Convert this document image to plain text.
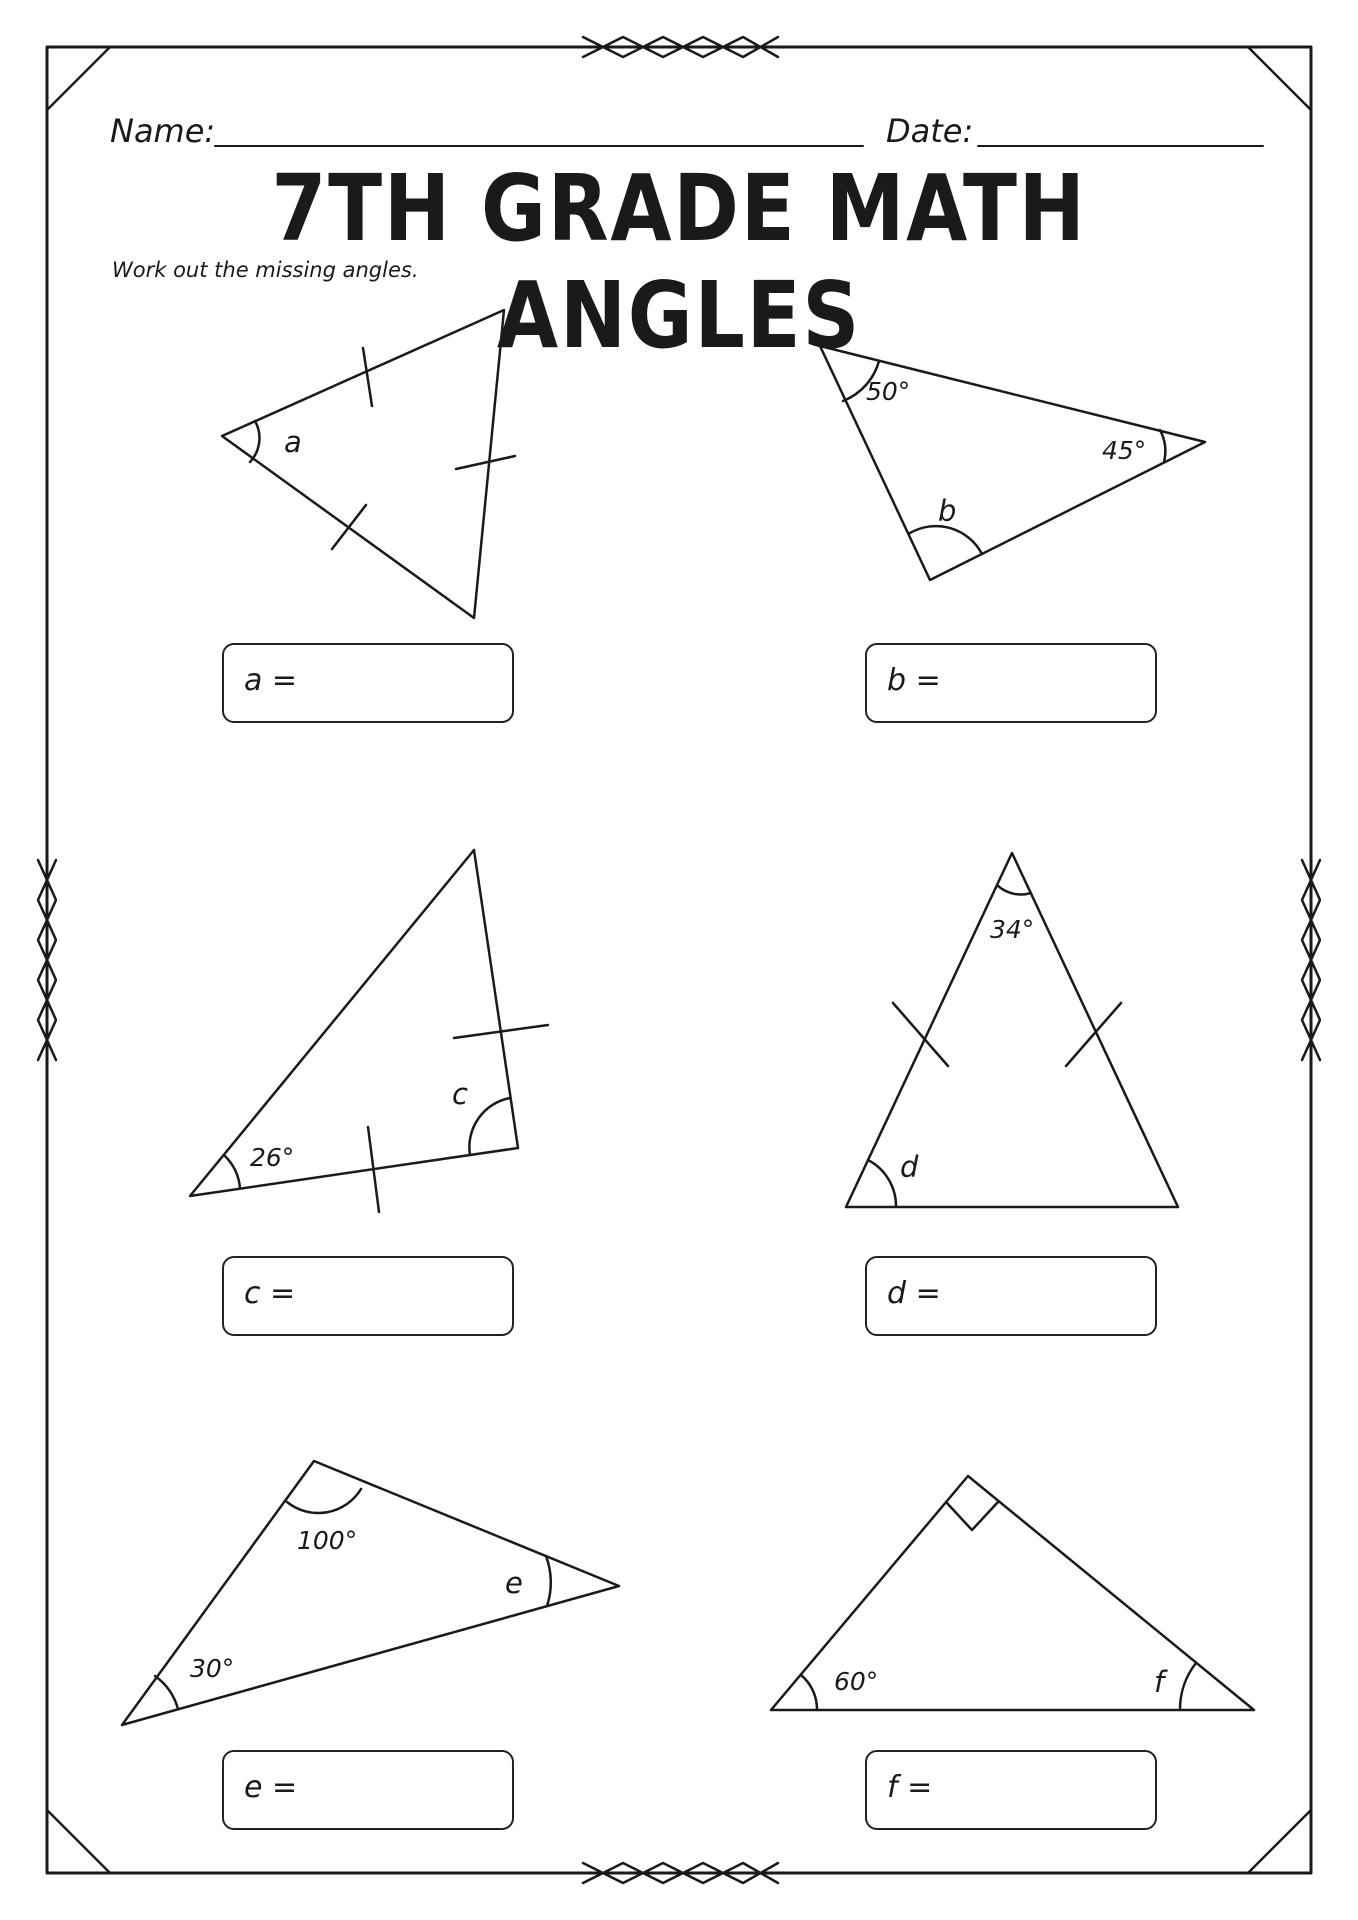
Name:	Date:
7TH GRADE MATH ANGLES
Work out the missing angles.
a
50°
45°
b
26°
c
34°
d
100°
30°
e
60°	f
a =	b =
c =	d =
e =	f =
